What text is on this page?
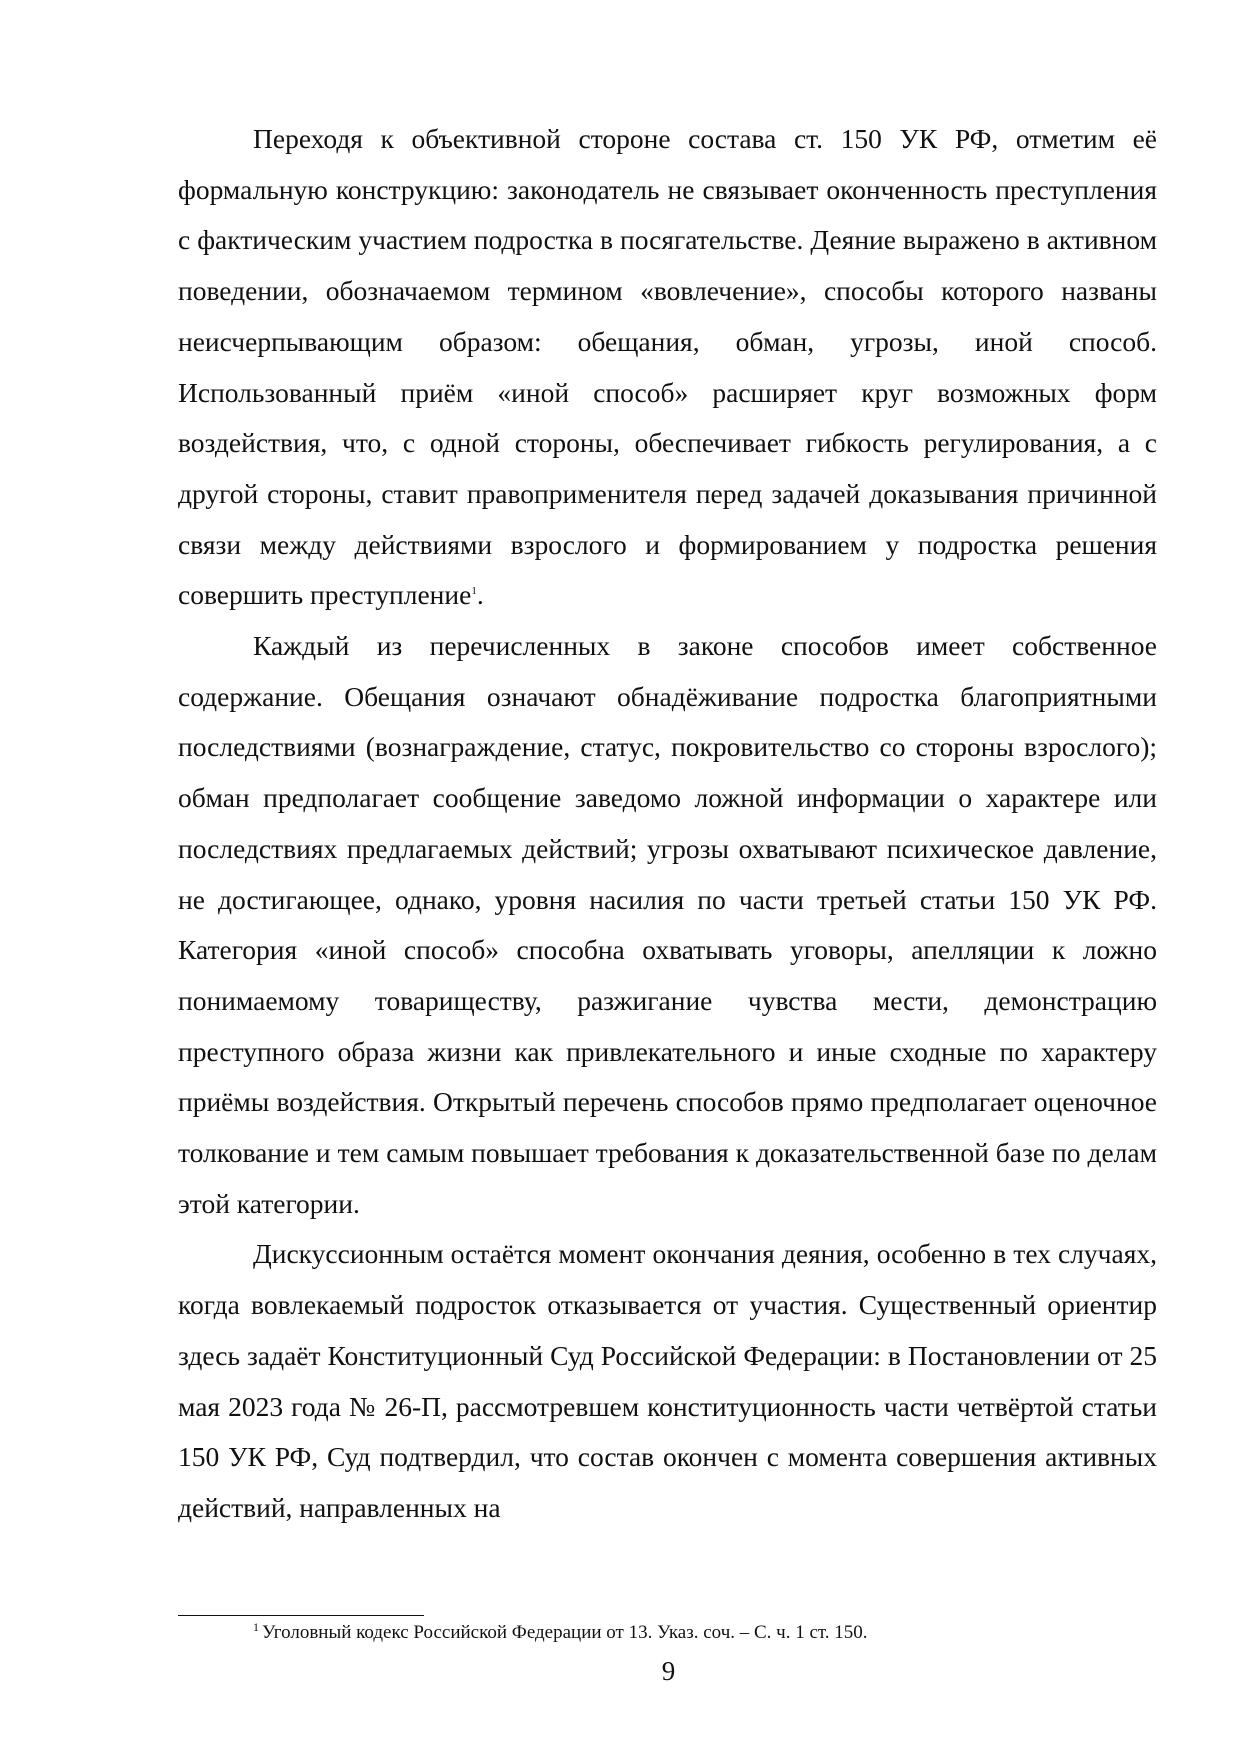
Переходя к объективной стороне состава ст. 150 УК РФ, отметим её формальную конструкцию: законодатель не связывает оконченность преступления с фактическим участием подростка в посягательстве. Деяние выражено в активном поведении, обозначаемом термином «вовлечение», способы которого названы неисчерпывающим образом: обещания, обман, угрозы, иной способ. Использованный приём «иной способ» расширяет круг возможных форм воздействия, что, с одной стороны, обеспечивает гибкость регулирования, а с другой стороны, ставит правоприменителя перед задачей доказывания причинной связи между действиями взрослого и формированием у подростка решения совершить преступление$^1$.

Каждый из перечисленных в законе способов имеет собственное содержание. Обещания означают обнадёживание подростка благоприятными последствиями (вознаграждение, статус, покровительство со стороны взрослого); обман предполагает сообщение заведомо ложной информации о характере или последствиях предлагаемых действий; угрозы охватывают психическое давление, не достигающее, однако, уровня насилия по части третьей статьи 150 УК РФ. Категория «иной способ» способна охватывать уговоры, апелляции к ложно понимаемому товариществу, разжигание чувства мести, демонстрацию преступного образа жизни как привлекательного и иные сходные по характеру приёмы воздействия. Открытый перечень способов прямо предполагает оценочное толкование и тем самым повышает требования к доказательственной базе по делам этой категории.

Дискуссионным остаётся момент окончания деяния, особенно в тех случаях, когда вовлекаемый подросток отказывается от участия. Существенный ориентир здесь задаёт Конституционный Суд Российской Федерации: в Постановлении от 25 мая 2023 года № 26-П, рассмотревшем конституционность части четвёртой статьи 150 УК РФ, Суд подтвердил, что состав окончен с момента совершения активных действий, направленных на

$^1$ Уголовный кодекс Российской Федерации от 13. Указ. соч. – С. ч. 1 ст. 150.
9
